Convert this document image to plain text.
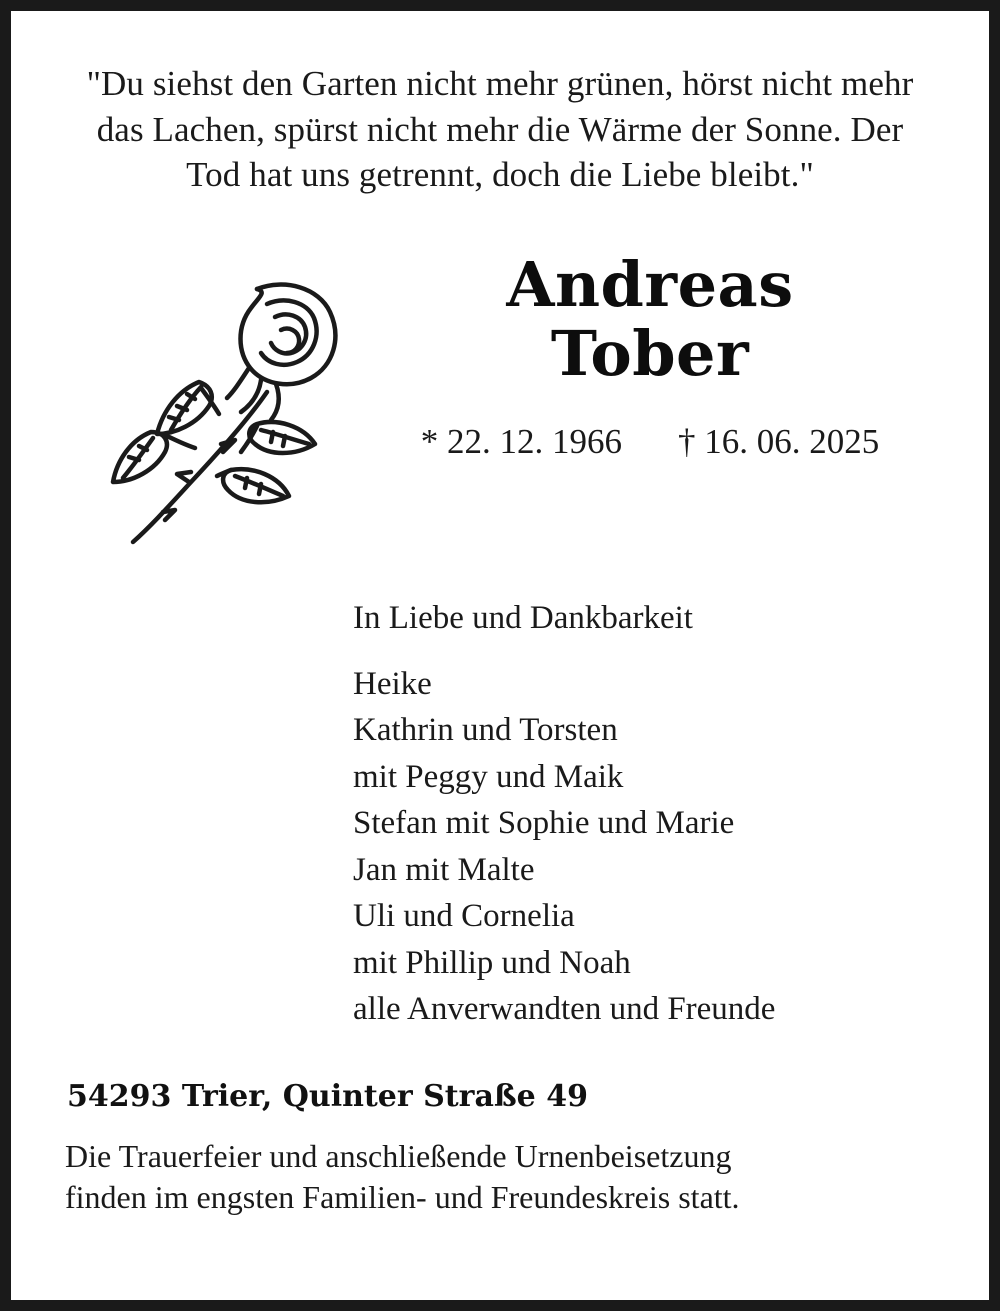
"Du siehst den Garten nicht mehr grünen, hörst nicht mehr das Lachen, spürst nicht mehr die Wärme der Sonne. Der Tod hat uns getrennt, doch die Liebe bleibt."
Andreas
Tober
* 22. 12. 1966 † 16. 06. 2025
In Liebe und Dankbarkeit
Heike
Kathrin und Torsten
mit Peggy und Maik
Stefan mit Sophie und Marie
Jan mit Malte
Uli und Cornelia
mit Phillip und Noah
alle Anverwandten und Freunde
54293 Trier, Quinter Straße 49
Die Trauerfeier und anschließende Urnenbeisetzung
finden im engsten Familien- und Freundeskreis statt.
